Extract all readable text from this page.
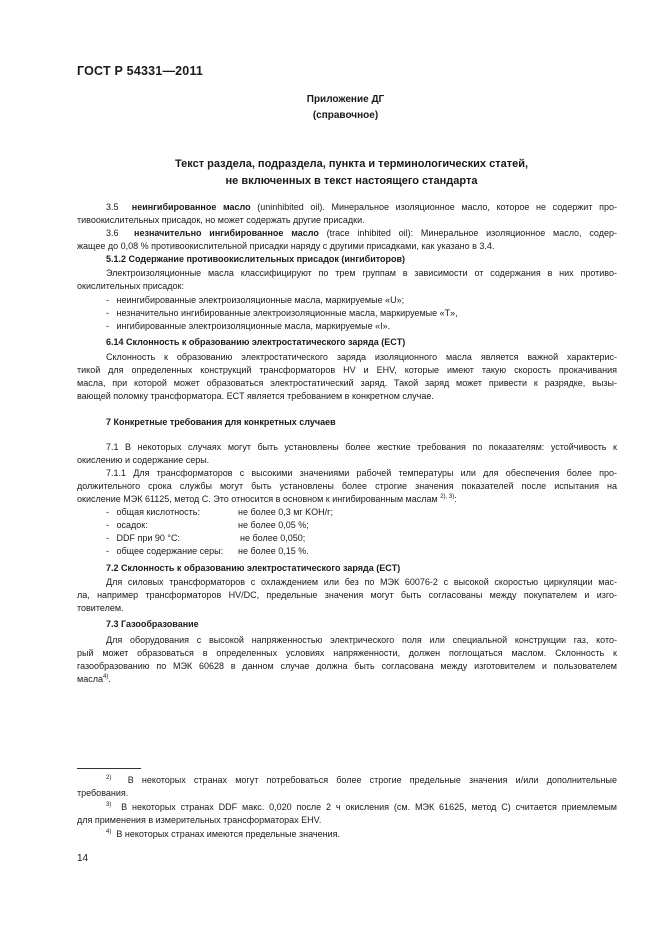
ГОСТ Р 54331—2011
Приложение ДГ
(справочное)
Текст раздела, подраздела, пункта и терминологических статей,
не включенных в текст настоящего стандарта
3.5 неингибированное масло (uninhibited oil). Минеральное изоляционное масло, которое не содержит про-
тивоокислительных присадок, но может содержать другие присадки.
3.6 незначительно ингибированное масло (trace inhibited oil): Минеральное изоляционное масло, содер-
жащее до 0,08 % противоокислительной присадки наряду с другими присадками, как указано в 3.4.
5.1.2 Содержание противоокислительных присадок (ингибиторов)
Электроизоляционные масла классифицируют по трем группам в зависимости от содержания в них противо-
окислительных присадок:
-   неингибированные электроизоляционные масла, маркируемые «U»;
-   незначительно ингибированные электроизоляционные масла, маркируемые «T»,
-   ингибированные электроизоляционные масла, маркируемые «I».
6.14 Склонность к образованию электростатического заряда (ECT)
Склонность к образованию электростатического заряда изоляционного масла является важной характерис-
тикой для определенных конструкций трансформаторов HV и EHV, которые имеют такую скорость прокачивания
масла, при которой может образоваться электростатический заряд. Такой заряд может привести к разрядке, вызы-
вающей поломку трансформатора. ECT является требованием в конкретном случае.
7 Конкретные требования для конкретных случаев
7.1 В некоторых случаях могут быть установлены более жесткие требования по показателям: устойчивость к
окислению и содержание серы.
7.1.1 Для трансформаторов с высокими значениями рабочей температуры или для обеспечения более про-
должительного срока службы могут быть установлены более строгие значения показателей после испытания на
окисление МЭК 61125, метод C. Это относится в основном к ингибированным маслам $^{2), 3)}$:
-   общая кислотность:	не более 0,3 мг KOH/г;
-   осадок:	не более 0,05 %;
-   DDF при 90 °C:	не более 0,050;
-   общее содержание серы: не более 0,15 %.
7.2 Склонность к образованию электростатического заряда (ECT)
Для силовых трансформаторов с охлаждением или без по МЭК 60076-2 с высокой скоростью циркуляции мас-
ла, например трансформаторов HV/DC, предельные значения могут быть согласованы между покупателем и изго-
товителем.
7.3 Газообразование
Для оборудования с высокой напряженностью электрического поля или специальной конструкции газ, кото-
рый может образоваться в определенных условиях напряженности, должен поглощаться маслом. Склонность к
газообразованию по МЭК 60628 в данном случае должна быть согласована между изготовителем и пользователем
масла$^{4)}$.
$^{2)}$ В некоторых странах могут потребоваться более строгие предельные значения и/или дополнительные
требования.
$^{3)}$ В некоторых странах DDF макс. 0,020 после 2 ч окисления (см. МЭК 61625, метод C) считается приемлемым
для применения в измерительных трансформаторах EHV.
$^{4)}$ В некоторых странах имеются предельные значения.
14
